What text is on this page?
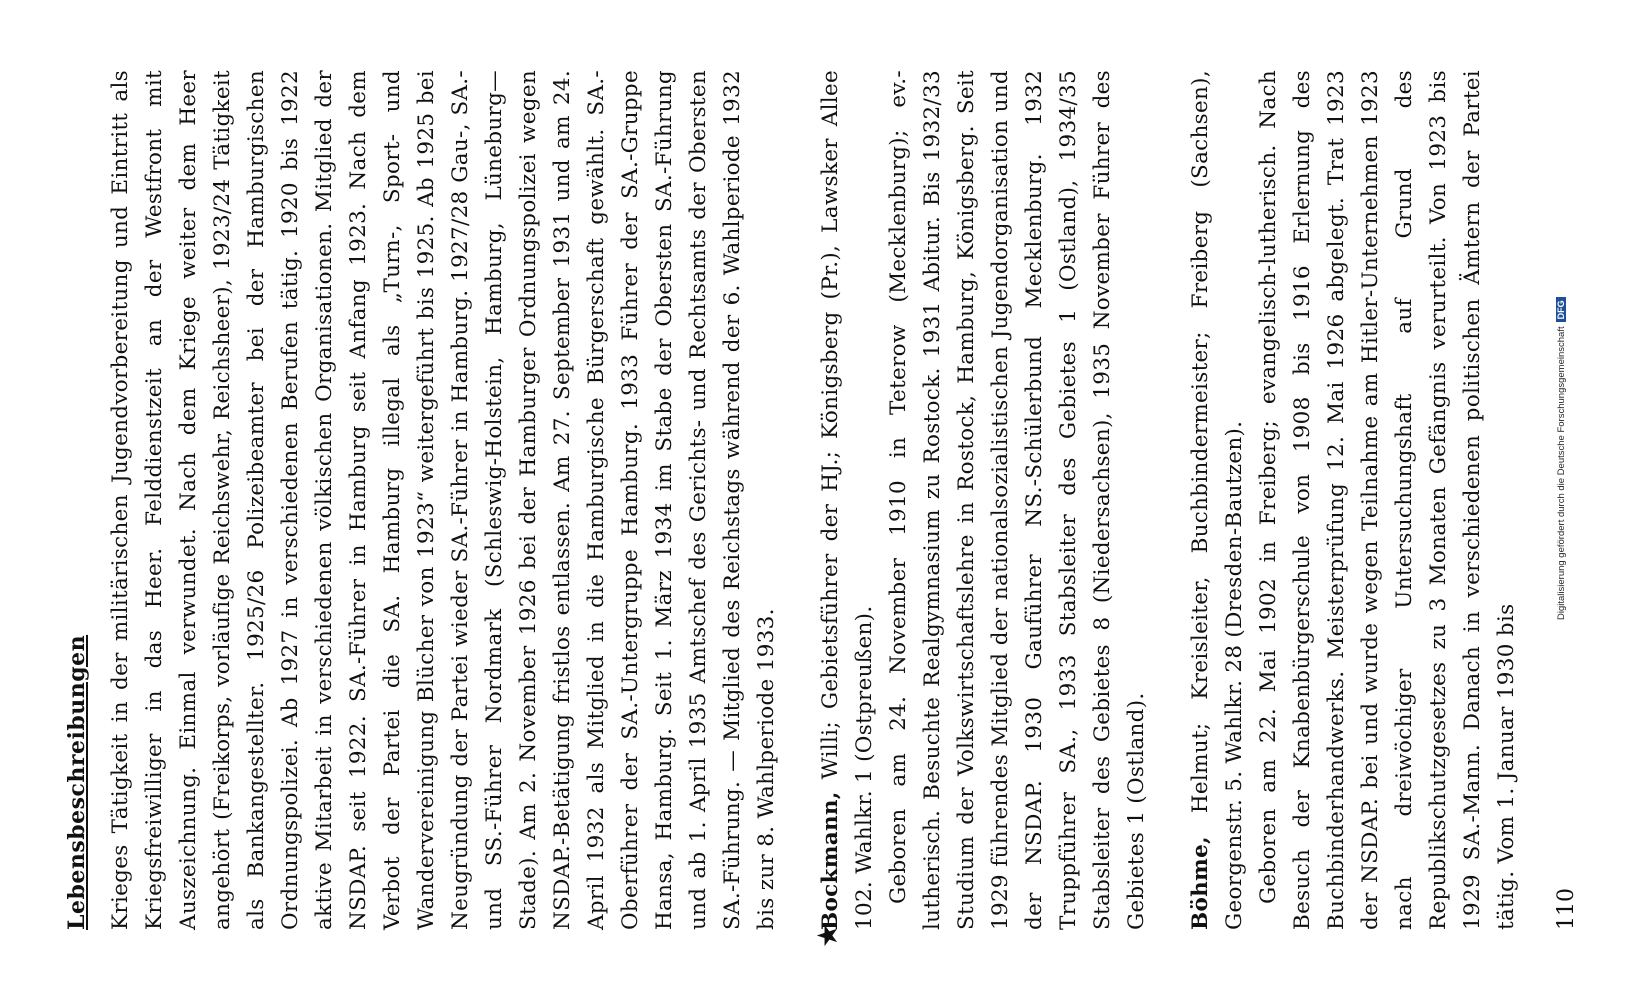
Lebensbeschreibungen Krieges Tätigkeit in der militärischen Jugendvorbereitung und Eintritt als Kriegsfreiwilliger in das Heer. Felddienstzeit an der Westfront mit Auszeichnung. Einmal verwundet. Nach dem Kriege weiter dem Heer angehört (Freikorps, vorläufige Reichswehr, Reichsheer), 1923/24 Tätigkeit als Bankangestellter. 1925/26 Polizeibeamter bei der Hamburgischen Ordnungspolizei. Ab 1927 in verschiedenen Berufen tätig. 1920 bis 1922 aktive Mitarbeit in verschiedenen völkischen Organisationen. Mitglied der NSDAP. seit 1922. SA.-Führer in Hamburg seit Anfang 1923. Nach dem Verbot der Partei die SA. Hamburg illegal als „Turn-, Sport- und Wandervereinigung Blücher von 1923“ weitergeführt bis 1925. Ab 1925 bei Neugründung der Partei wieder SA.-Führer in Hamburg. 1927/28 Gau-, SA.- und SS.-Führer Nordmark (Schleswig-Holstein, Hamburg, Lüneburg—Stade). Am 2. November 1926 bei der Hamburger Ordnungspolizei wegen NSDAP.-Betätigung fristlos entlassen. Am 27. September 1931 und am 24. April 1932 als Mitglied in die Hamburgische Bürgerschaft gewählt. SA.-Oberführer der SA.-Untergruppe Hamburg. 1933 Führer der SA.-Gruppe Hansa, Hamburg. Seit 1. März 1934 im Stabe der Obersten SA.-Führung und ab 1. April 1935 Amtschef des Gerichts- und Rechtsamts der Obersten SA.-Führung. — Mitglied des Reichstags während der 6. Wahlperiode 1932 bis zur 8. Wahlperiode 1933.

★

Bockmann, Willi; Gebietsführer der HJ.; Königsberg (Pr.), Lawsker Allee 102. Wahlkr. 1 (Ostpreußen). Geboren am 24. November 1910 in Teterow (Mecklenburg); ev.-lutherisch. Besuchte Realgymnasium zu Rostock. 1931 Abitur. Bis 1932/33 Studium der Volkswirtschaftslehre in Rostock, Hamburg, Königsberg. Seit 1929 führendes Mitglied der nationalsozialistischen Jugendorganisation und der NSDAP. 1930 Gauführer NS.-Schülerbund Mecklenburg. 1932 Truppführer SA., 1933 Stabsleiter des Gebietes 1 (Ostland), 1934/35 Stabsleiter des Gebietes 8 (Niedersachsen), 1935 November Führer des Gebietes 1 (Ostland). Böhme, Helmut; Kreisleiter, Buchbindermeister; Freiberg (Sachsen), Georgenstr. 5. Wahlkr. 28 (Dresden-Bautzen). Geboren am 22. Mai 1902 in Freiberg; evangelisch-lutherisch. Nach Besuch der Knabenbürgerschule von 1908 bis 1916 Erlernung des Buchbinderhandwerks. Meisterprüfung 12. Mai 1926 abgelegt. Trat 1923 der NSDAP. bei und wurde wegen Teilnahme am Hitler-Unternehmen 1923 nach dreiwöchiger Untersuchungshaft auf Grund des Republikschutzgesetzes zu 3 Monaten Gefängnis verurteilt. Von 1923 bis 1929 SA.-Mann. Danach in verschiedenen politischen Ämtern der Partei tätig. Vom 1. Januar 1930 bis 110
Digitalisierung gefördert durch die Deutsche ForschungsgemeinschaftDFG
